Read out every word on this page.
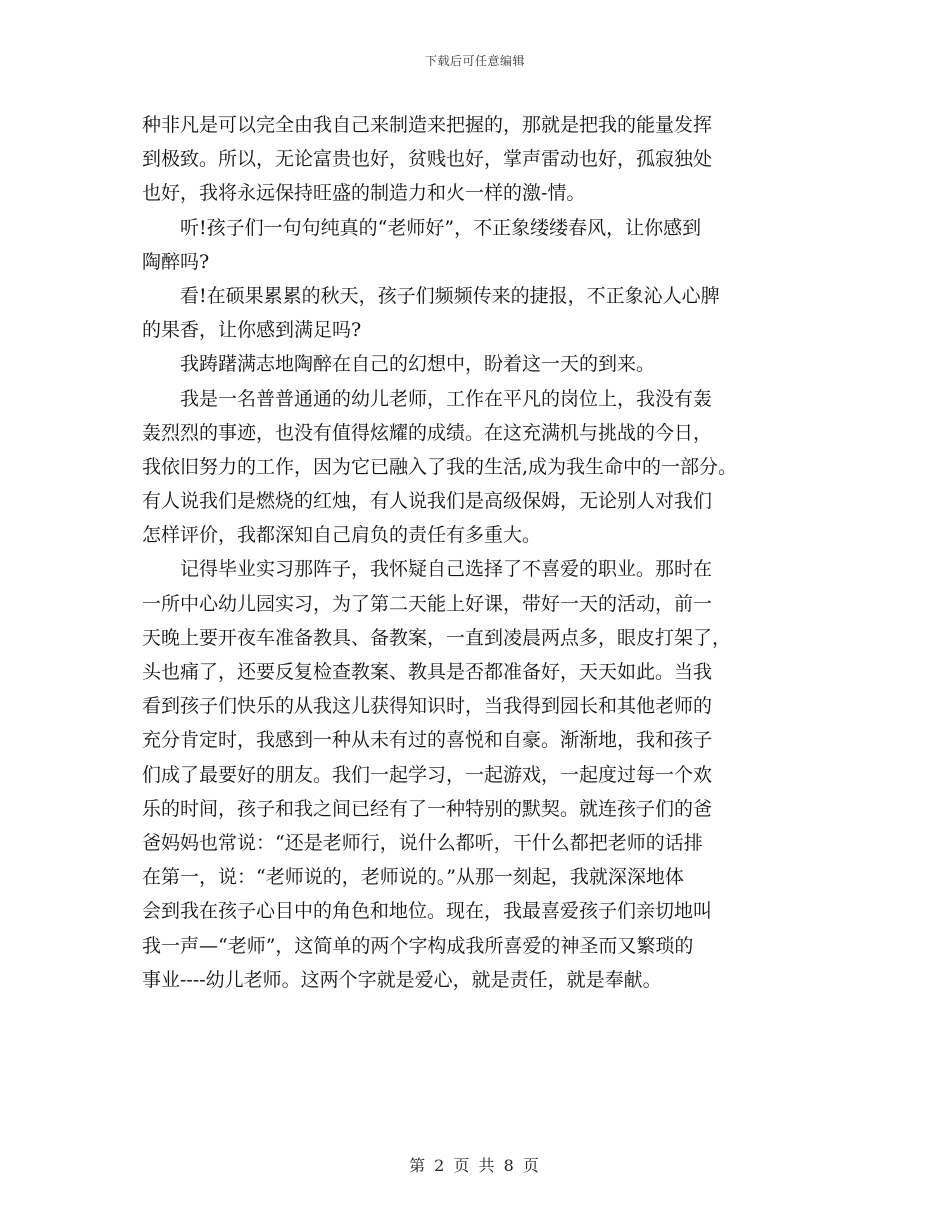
下载后可任意编辑
种非凡是可以完全由我自己来制造来把握的，那就是把我的能量发挥
到极致。所以，无论富贵也好，贫贱也好，掌声雷动也好，孤寂独处
也好，我将永远保持旺盛的制造力和火一样的激-情。
听!孩子们一句句纯真的“老师好”，不正象缕缕春风，让你感到
陶醉吗?
看!在硕果累累的秋天，孩子们频频传来的捷报，不正象沁人心脾
的果香，让你感到满足吗?
我踌躇满志地陶醉在自己的幻想中，盼着这一天的到来。
我是一名普普通通的幼儿老师，工作在平凡的岗位上，我没有轰
轰烈烈的事迹，也没有值得炫耀的成绩。在这充满机与挑战的今日，
我依旧努力的工作，因为它已融入了我的生活,成为我生命中的一部分。
有人说我们是燃烧的红烛，有人说我们是高级保姆，无论别人对我们
怎样评价，我都深知自己肩负的责任有多重大。
记得毕业实习那阵子，我怀疑自己选择了不喜爱的职业。那时在
一所中心幼儿园实习，为了第二天能上好课，带好一天的活动，前一
天晚上要开夜车准备教具、备教案，一直到凌晨两点多，眼皮打架了，
头也痛了，还要反复检查教案、教具是否都准备好，天天如此。当我
看到孩子们快乐的从我这儿获得知识时，当我得到园长和其他老师的
充分肯定时，我感到一种从未有过的喜悦和自豪。渐渐地，我和孩子
们成了最要好的朋友。我们一起学习，一起游戏，一起度过每一个欢
乐的时间，孩子和我之间已经有了一种特别的默契。就连孩子们的爸
爸妈妈也常说：“还是老师行，说什么都听，干什么都把老师的话排
在第一，说：“老师说的，老师说的。”从那一刻起，我就深深地体
会到我在孩子心目中的角色和地位。现在，我最喜爱孩子们亲切地叫
我一声—“老师”，这简单的两个字构成我所喜爱的神圣而又繁琐的
事业----幼儿老师。这两个字就是爱心，就是责任，就是奉献。
第 2 页 共 8 页
